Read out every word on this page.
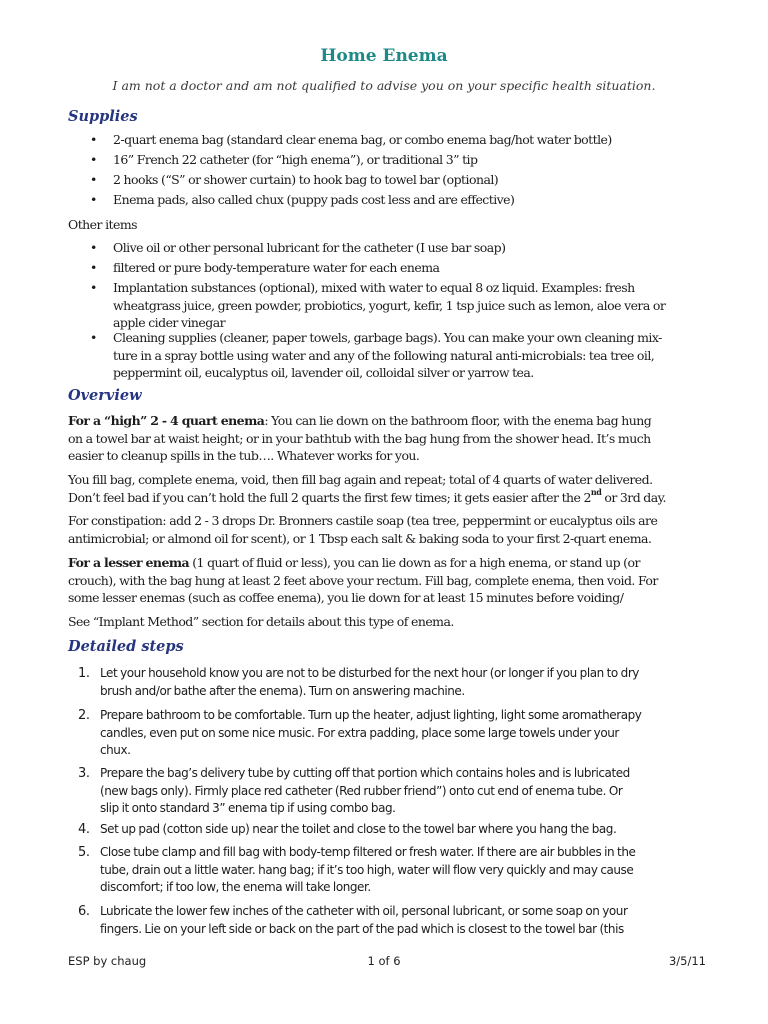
Home Enema
I am not a doctor and am not qualified to advise you on your specific health situation.
Supplies
•	2-quart enema bag (standard clear enema bag, or combo enema bag/hot water bottle)
•	16” French 22 catheter (for “high enema”), or traditional 3” tip
•	2 hooks (“S” or shower curtain) to hook bag to towel bar (optional)
•	Enema pads, also called chux (puppy pads cost less and are effective)
Other items
•	Olive oil or other personal lubricant for the catheter (I use bar soap)
•	filtered or pure body-temperature water for each enema
•	Implantation substances (optional), mixed with water to equal 8 oz liquid. Examples: fresh
wheatgrass juice, green powder, probiotics, yogurt, kefir, 1 tsp juice such as lemon, aloe vera or
apple cider vinegar
•	Cleaning supplies (cleaner, paper towels, garbage bags). You can make your own cleaning mix-
ture in a spray bottle using water and any of the following natural anti-microbials: tea tree oil,
peppermint oil, eucalyptus oil, lavender oil, colloidal silver or yarrow tea.
Overview
For a “high” 2 - 4 quart enema: You can lie down on the bathroom floor, with the enema bag hung
on a towel bar at waist height; or in your bathtub with the bag hung from the shower head. It’s much
easier to cleanup spills in the tub…. Whatever works for you.
You fill bag, complete enema, void, then fill bag again and repeat; total of 4 quarts of water delivered.
Don’t feel bad if you can’t hold the full 2 quarts the first few times; it gets easier after the 2nd or 3rd day.
For constipation: add 2 - 3 drops Dr. Bronners castile soap (tea tree, peppermint or eucalyptus oils are
antimicrobial; or almond oil for scent), or 1 Tbsp each salt & baking soda to your first 2-quart enema.
For a lesser enema (1 quart of fluid or less), you can lie down as for a high enema, or stand up (or
crouch), with the bag hung at least 2 feet above your rectum. Fill bag, complete enema, then void. For
some lesser enemas (such as coffee enema), you lie down for at least 15 minutes before voiding/
See “Implant Method” section for details about this type of enema.
Detailed steps
1. Let your household know you are not to be disturbed for the next hour (or longer if you plan to dry
brush and/or bathe after the enema). Turn on answering machine.
2. Prepare bathroom to be comfortable. Turn up the heater, adjust lighting, light some aromatherapy
candles, even put on some nice music. For extra padding, place some large towels under your
chux.
3. Prepare the bag’s delivery tube by cutting off that portion which contains holes and is lubricated
(new bags only). Firmly place red catheter (Red rubber friend”) onto cut end of enema tube. Or
slip it onto standard 3” enema tip if using combo bag.
4. Set up pad (cotton side up) near the toilet and close to the towel bar where you hang the bag.
5. Close tube clamp and fill bag with body-temp filtered or fresh water. If there are air bubbles in the
tube, drain out a little water. hang bag; if it’s too high, water will flow very quickly and may cause
discomfort; if too low, the enema will take longer.
6. Lubricate the lower few inches of the catheter with oil, personal lubricant, or some soap on your
fingers. Lie on your left side or back on the part of the pad which is closest to the towel bar (this
ESP by chaug	1 of 6	3/5/11
